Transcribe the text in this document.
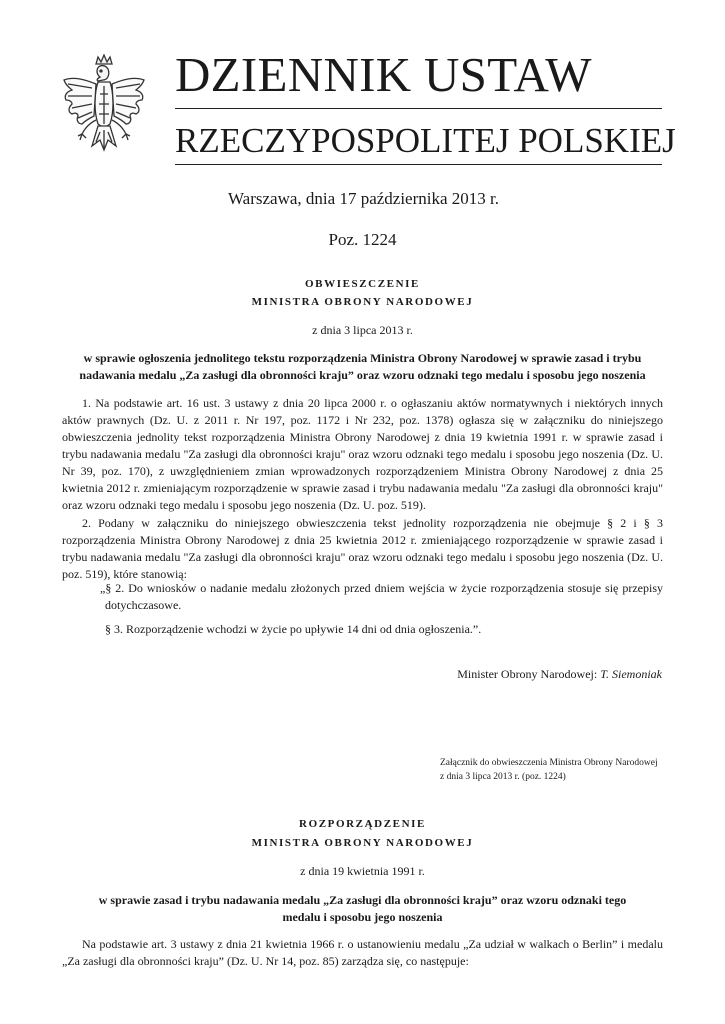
DZIENNIK USTAW
RZECZYPOSPOLITEJ POLSKIEJ
Warszawa, dnia 17 października 2013 r.
Poz. 1224
OBWIESZCZENIE
MINISTRA OBRONY NARODOWEJ
z dnia 3 lipca 2013 r.
w sprawie ogłoszenia jednolitego tekstu rozporządzenia Ministra Obrony Narodowej w sprawie zasad i trybu nadawania medalu „Za zasługi dla obronności kraju” oraz wzoru odznaki tego medalu i sposobu jego noszenia
1. Na podstawie art. 16 ust. 3 ustawy z dnia 20 lipca 2000 r. o ogłaszaniu aktów normatywnych i niektórych innych aktów prawnych (Dz. U. z 2011 r. Nr 197, poz. 1172 i Nr 232, poz. 1378) ogłasza się w załączniku do niniejszego obwieszczenia jednolity tekst rozporządzenia Ministra Obrony Narodowej z dnia 19 kwietnia 1991 r. w sprawie zasad i trybu nadawania medalu "Za zasługi dla obronności kraju" oraz wzoru odznaki tego medalu i sposobu jego noszenia (Dz. U. Nr 39, poz. 170), z uwzględnieniem zmian wprowadzonych rozporządzeniem Ministra Obrony Narodowej z dnia 25 kwietnia 2012 r. zmieniającym rozporządzenie w sprawie zasad i trybu nadawania medalu "Za zasługi dla obronności kraju" oraz wzoru odznaki tego medalu i sposobu jego noszenia (Dz. U. poz. 519).
2. Podany w załączniku do niniejszego obwieszczenia tekst jednolity rozporządzenia nie obejmuje § 2 i § 3 rozporządzenia Ministra Obrony Narodowej z dnia 25 kwietnia 2012 r. zmieniającego rozporządzenie w sprawie zasad i trybu nadawania medalu "Za zasługi dla obronności kraju" oraz wzoru odznaki tego medalu i sposobu jego noszenia (Dz. U. poz. 519), które stanowią:
„§ 2. Do wniosków o nadanie medalu złożonych przed dniem wejścia w życie rozporządzenia stosuje się przepisy dotychczasowe.
§ 3. Rozporządzenie wchodzi w życie po upływie 14 dni od dnia ogłoszenia.”.
Minister Obrony Narodowej: T. Siemoniak
Załącznik do obwieszczenia Ministra Obrony Narodowej
z dnia 3 lipca 2013 r. (poz. 1224)
ROZPORZĄDZENIE
MINISTRA OBRONY NARODOWEJ
z dnia 19 kwietnia 1991 r.
w sprawie zasad i trybu nadawania medalu „Za zasługi dla obronności kraju” oraz wzoru odznaki tego medalu i sposobu jego noszenia
Na podstawie art. 3 ustawy z dnia 21 kwietnia 1966 r. o ustanowieniu medalu „Za udział w walkach o Berlin” i medalu „Za zasługi dla obronności kraju” (Dz. U. Nr 14, poz. 85) zarządza się, co następuje:
